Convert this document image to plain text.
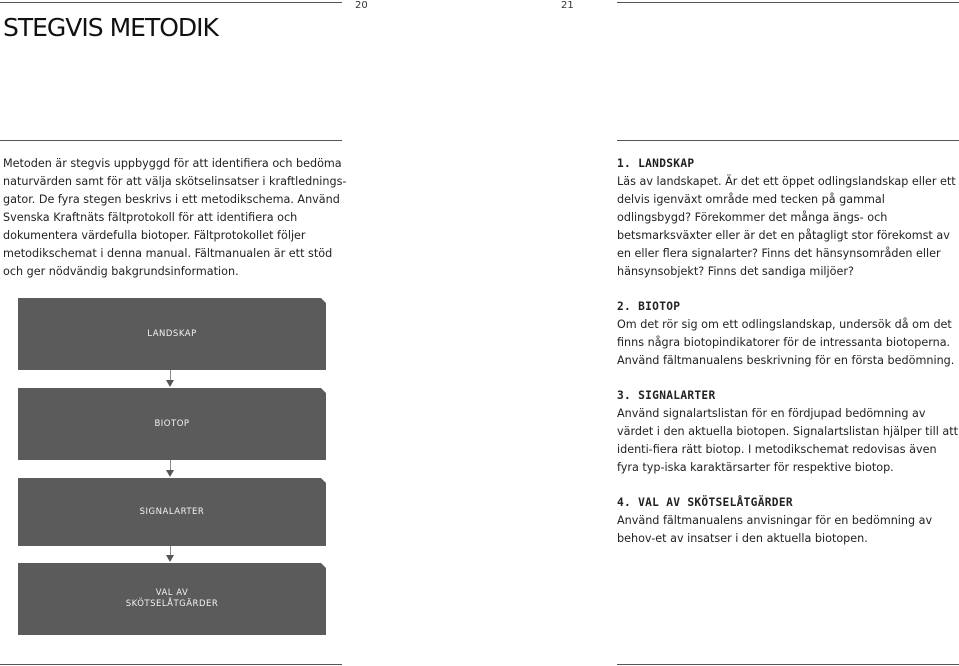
20	21
STEGVIS METODIK

Metoden är stegvis uppbyggd för att identifiera och bedöma naturvärden samt för att välja skötselinsatser i kraftlednings-gator. De fyra stegen beskrivs i ett metodikschema. Använd Svenska Kraftnäts fältprotokoll för att identifiera och dokumentera värdefulla biotoper. Fältprotokollet följer metodikschemat i denna manual. Fältmanualen är ett stöd och ger nödvändig bakgrundsinformation.

LANDSKAP
BIOTOP
SIGNALARTER
VAL AV
SKÖTSELÅTGÄRDER
1. LANDSKAP

Läs av landskapet. Är det ett öppet odlingslandskap eller ett delvis igenväxt område med tecken på gammal odlingsbygd? Förekommer det många ängs- och betsmarksväxter eller är det en påtagligt stor förekomst av en eller flera signalarter? Finns det hänsynsområden eller hänsynsobjekt? Finns det sandiga miljöer?

2. BIOTOP

Om det rör sig om ett odlingslandskap, undersök då om det finns några biotopindikatorer för de intressanta biotoperna. Använd fältmanualens beskrivning för en första bedömning.

3. SIGNALARTER

Använd signalartslistan för en fördjupad bedömning av värdet i den aktuella biotopen. Signalartslistan hjälper till att identi-fiera rätt biotop. I metodikschemat redovisas även fyra typ-iska karaktärsarter för respektive biotop.

4. VAL AV SKÖTSELÅTGÄRDER

Använd fältmanualens anvisningar för en bedömning av behov-et av insatser i den aktuella biotopen.
